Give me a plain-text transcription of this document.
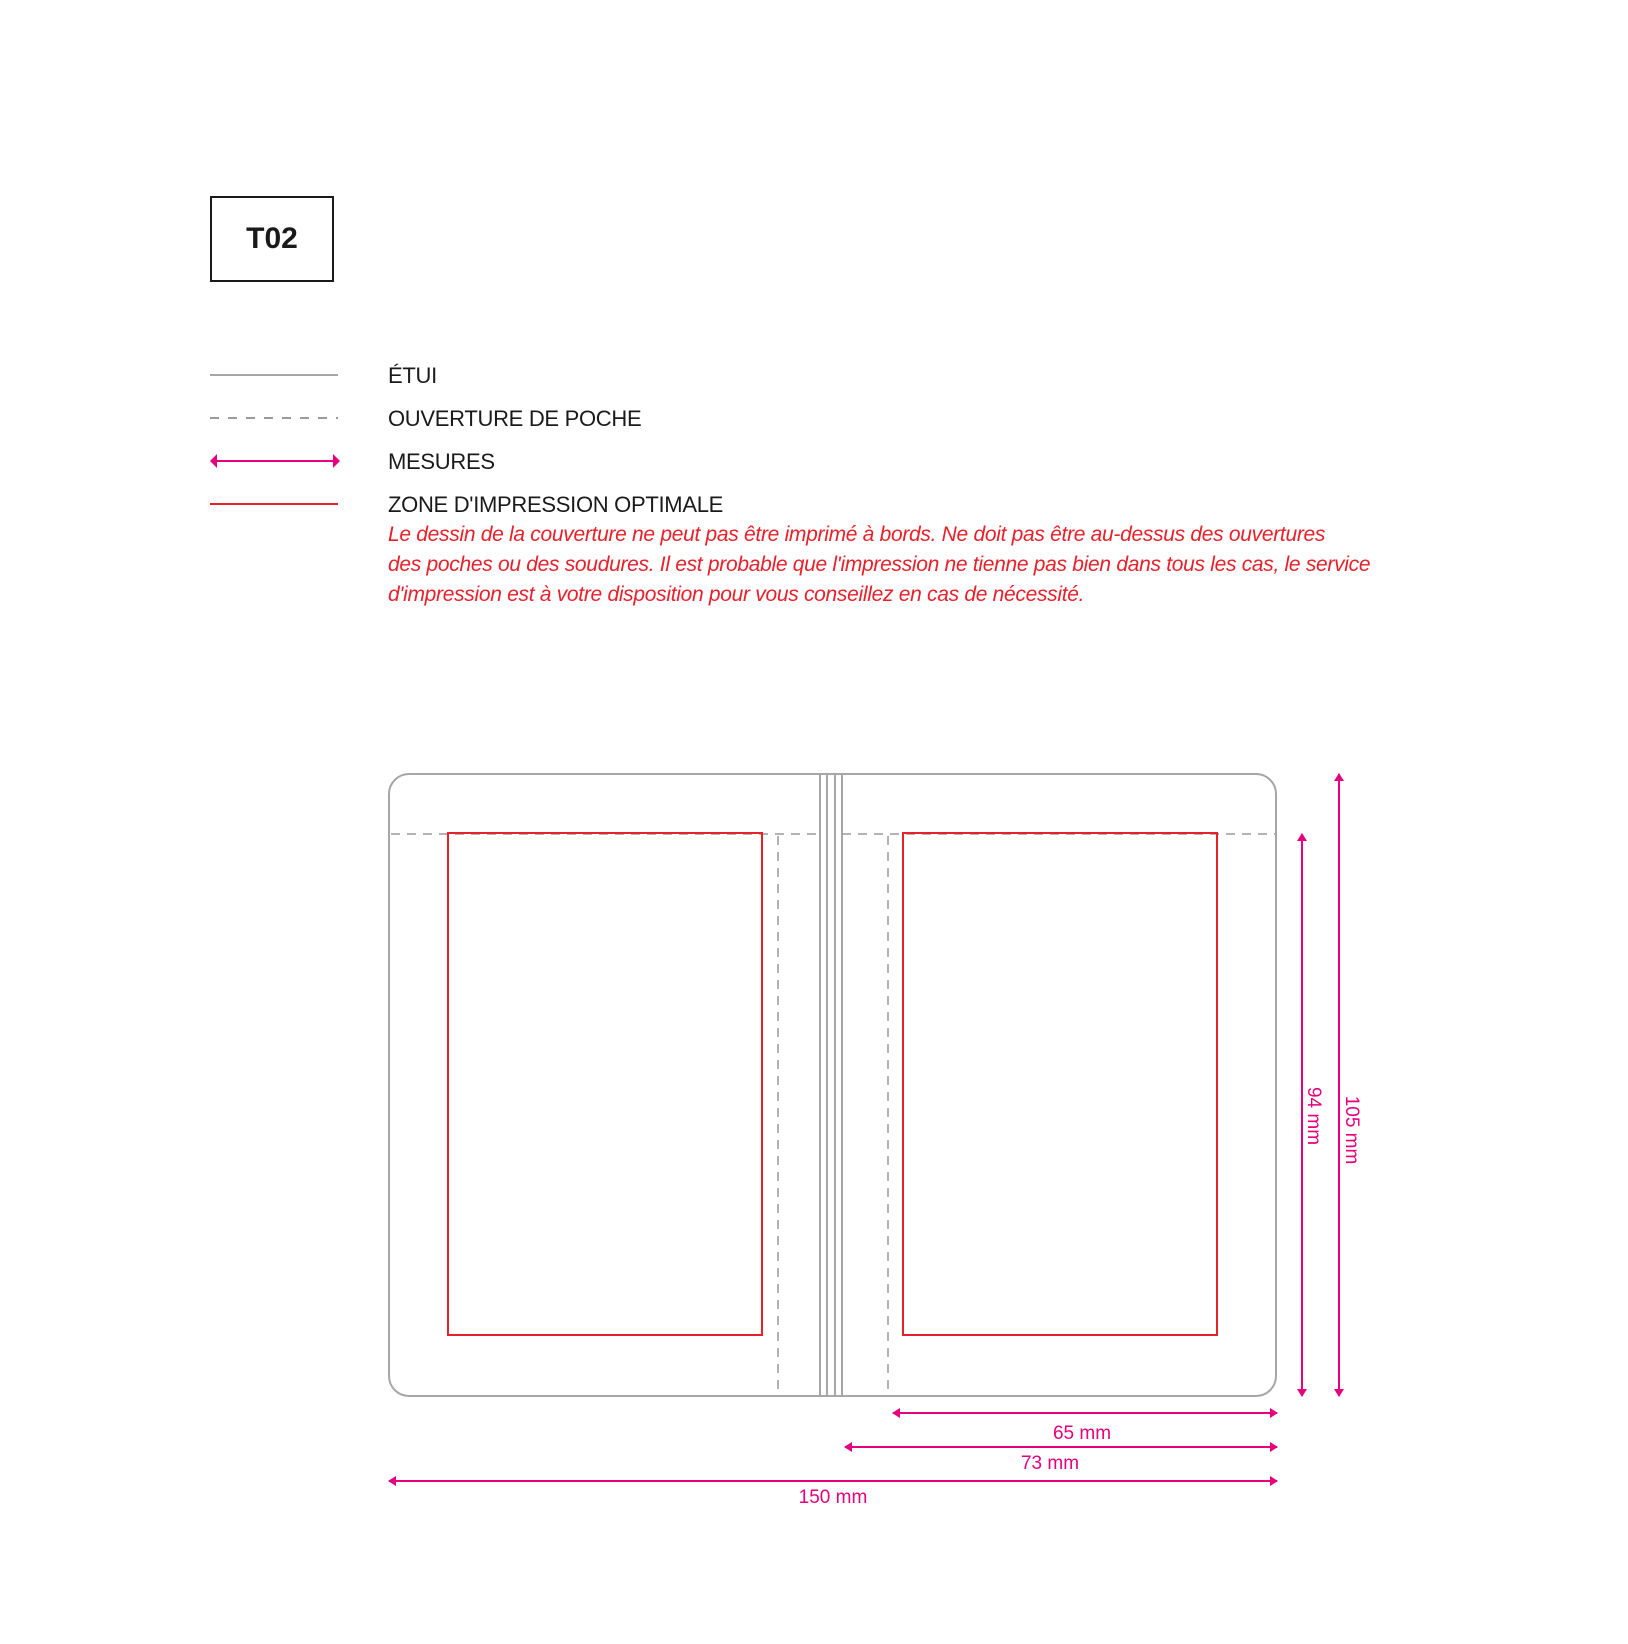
T02
ÉTUI
OUVERTURE DE POCHE
MESURES
ZONE D'IMPRESSION OPTIMALE
Le dessin de la couverture ne peut pas être imprimé à bords. Ne doit pas être au-dessus des ouvertures
des poches ou des soudures. Il est probable que l'impression ne tienne pas bien dans tous les cas, le service
d'impression est à votre disposition pour vous conseillez en cas de nécessité.
65 mm
73 mm
150 mm
94 mm 105 mm
